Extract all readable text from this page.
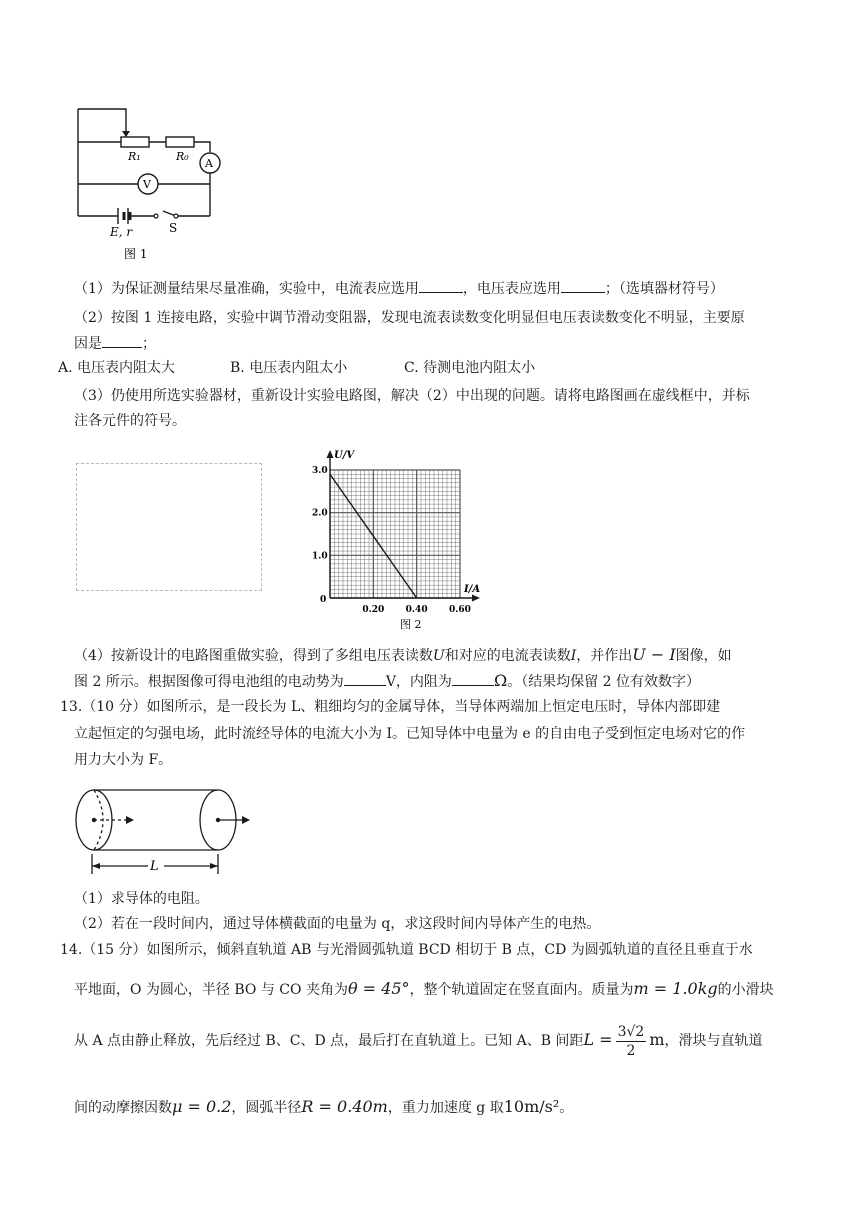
R₁	R₀
A
V
S
E, r
图 1
（1）为保证测量结果尽量准确，实验中，电流表应选用	，电压表应选用	；（选填器材符号）
（2）按图 1 连接电路，实验中调节滑动变阻器，发现电流表读数变化明显但电压表读数变化不明显，主要原
因是	；
A. 电压表内阻太大	B. 电压表内阻太小	C. 待测电池内阻太小
（3）仍使用所选实验器材，重新设计实验电路图，解决（2）中出现的问题。请将电路图画在虚线框中，并标
注各元件的符号。
0.20 0.40 0.60
1.0
2.0
3.0
0
U/V
I/A
图 2
（4）按新设计的电路图重做实验，得到了多组电压表读数U和对应的电流表读数I，并作出U − I图像，如
图 2 所示。根据图像可得电池组的电动势为	V，内阻为	Ω。（结果均保留 2 位有效数字）
13.（10 分）如图所示，是一段长为 L、粗细均匀的金属导体，当导体两端加上恒定电压时，导体内部即建
立起恒定的匀强电场，此时流经导体的电流大小为 I。已知导体中电量为 e 的自由电子受到恒定电场对它的作
用力大小为 F。
L
（1）求导体的电阻。
（2）若在一段时间内，通过导体横截面的电量为 q，求这段时间内导体产生的电热。
14.（15 分）如图所示，倾斜直轨道 AB 与光滑圆弧轨道 BCD 相切于 B 点，CD 为圆弧轨道的直径且垂直于水
平地面，O 为圆心，半径 BO 与 CO 夹角为θ = 45°，整个轨道固定在竖直面内。质量为m = 1.0kg的小滑块
从 A 点由静止释放，先后经过 B、C、D 点，最后打在直轨道上。已知 A、B 间距$L = \frac{3√2}{2}$ m，滑块与直轨道
间的动摩擦因数μ = 0.2，圆弧半径R = 0.40m，重力加速度 g 取10m/s²。
